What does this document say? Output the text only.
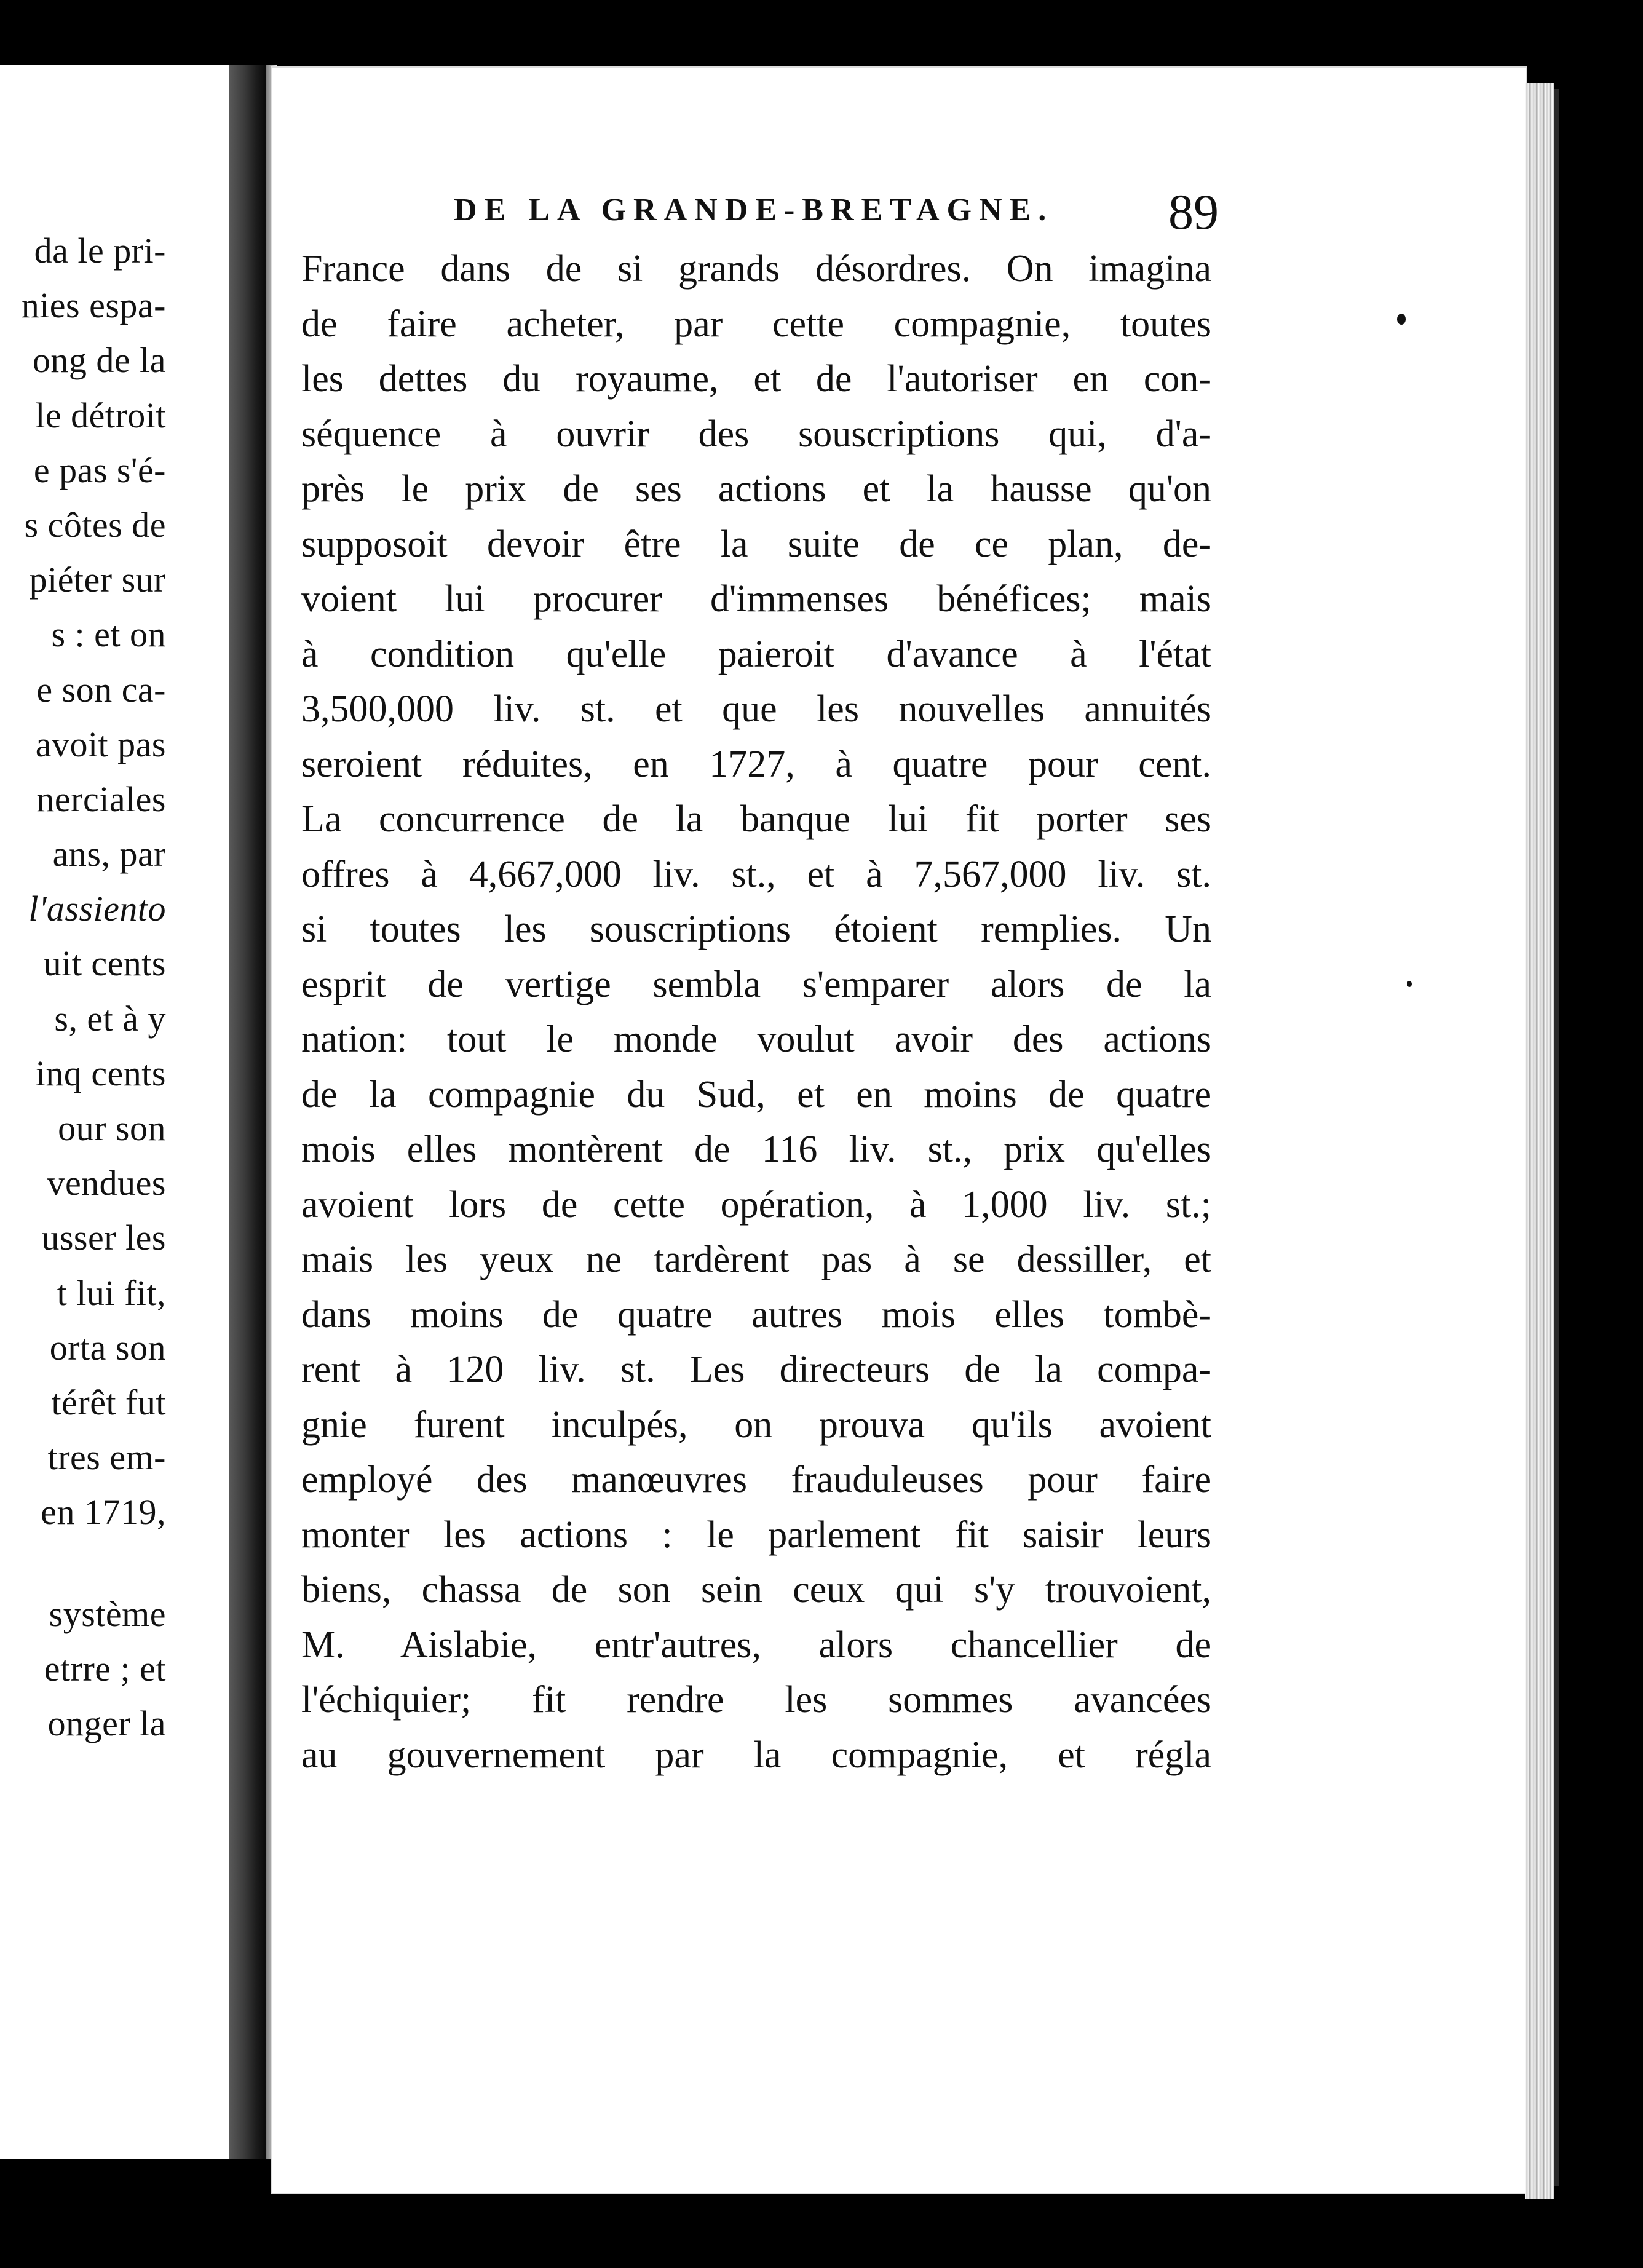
da le pri-
nies espa-
ong de la
le détroit
e pas s'é-
s côtes de
piéter sur
s : et on
e son ca-
avoit pas
nerciales
ans, par
l'assiento
uit cents
s, et à y
inq cents
our son
vendues
usser les
t lui fit,
orta son
térêt fut
tres em-
en 1719,
système
etrre ; et
onger la
DE LA GRANDE-BRETAGNE. 89
France dans de si grands désordres. On imagina
de faire acheter, par cette compagnie, toutes
les dettes du royaume, et de l'autoriser en con-
séquence à ouvrir des souscriptions qui, d'a-
près le prix de ses actions et la hausse qu'on
supposoit devoir être la suite de ce plan, de-
voient lui procurer d'immenses bénéfices; mais
à condition qu'elle paieroit d'avance à l'état
3,500,000 liv. st. et que les nouvelles annuités
seroient réduites, en 1727, à quatre pour cent.
La concurrence de la banque lui fit porter ses
offres à 4,667,000 liv. st., et à 7,567,000 liv. st.
si toutes les souscriptions étoient remplies. Un
esprit de vertige sembla s'emparer alors de la
nation: tout le monde voulut avoir des actions
de la compagnie du Sud, et en moins de quatre
mois elles montèrent de 116 liv. st., prix qu'elles
avoient lors de cette opération, à 1,000 liv. st.;
mais les yeux ne tardèrent pas à se dessiller, et
dans moins de quatre autres mois elles tombè-
rent à 120 liv. st. Les directeurs de la compa-
gnie furent inculpés, on prouva qu'ils avoient
employé des manœuvres frauduleuses pour faire
monter les actions : le parlement fit saisir leurs
biens, chassa de son sein ceux qui s'y trouvoient,
M. Aislabie, entr'autres, alors chancellier de
l'échiquier; fit rendre les sommes avancées
au gouvernement par la compagnie, et régla
